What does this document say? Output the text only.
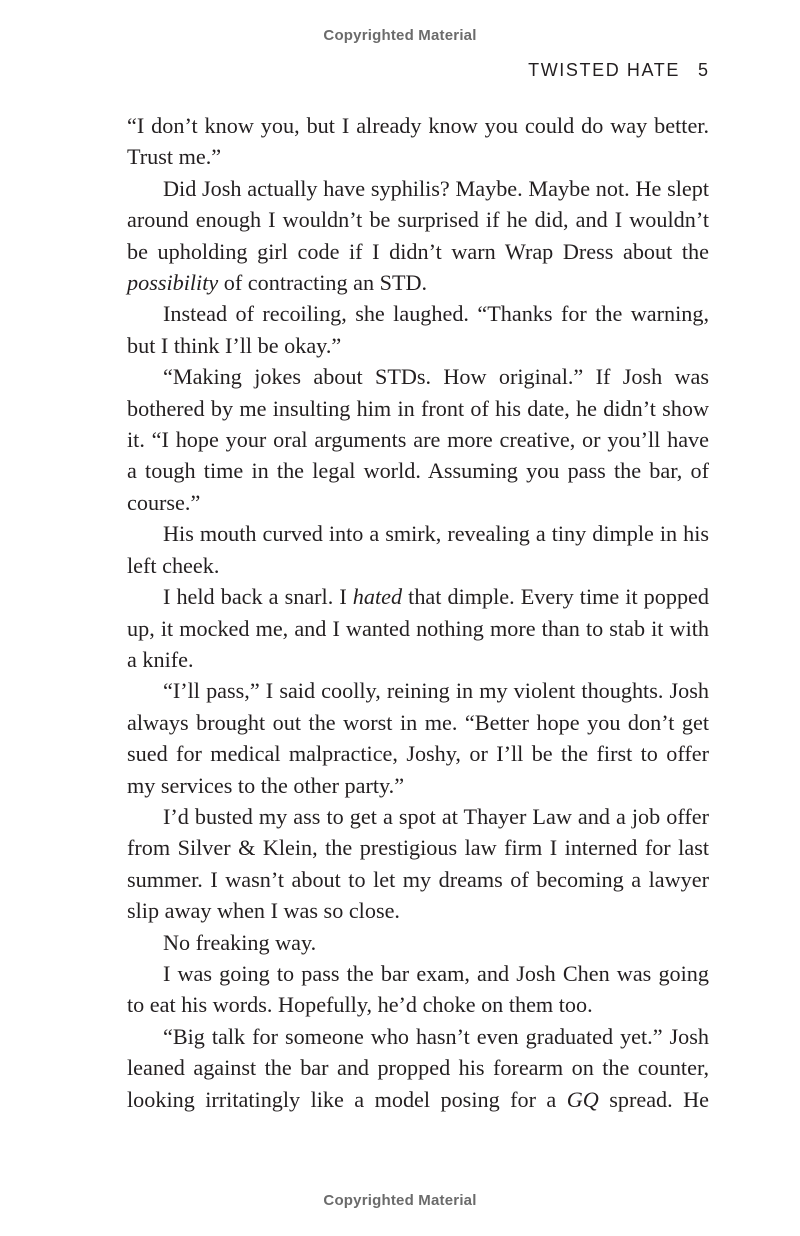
Copyrighted Material
TWISTED HATE 5

“I don’t know you, but I already know you could do way better. Trust me.”

Did Josh actually have syphilis? Maybe. Maybe not. He slept around enough I wouldn’t be surprised if he did, and I wouldn’t be upholding girl code if I didn’t warn Wrap Dress about the possibility of contracting an STD.

Instead of recoiling, she laughed. “Thanks for the warning, but I think I’ll be okay.”

“Making jokes about STDs. How original.” If Josh was bothered by me insulting him in front of his date, he didn’t show it. “I hope your oral arguments are more creative, or you’ll have a tough time in the legal world. Assuming you pass the bar, of course.”

His mouth curved into a smirk, revealing a tiny dimple in his left cheek.

I held back a snarl. I hated that dimple. Every time it popped up, it mocked me, and I wanted nothing more than to stab it with a knife.

“I’ll pass,” I said coolly, reining in my violent thoughts. Josh always brought out the worst in me. “Better hope you don’t get sued for medical malpractice, Joshy, or I’ll be the first to offer my services to the other party.”

I’d busted my ass to get a spot at Thayer Law and a job offer from Silver & Klein, the prestigious law firm I interned for last summer. I wasn’t about to let my dreams of becoming a lawyer slip away when I was so close.

No freaking way.

I was going to pass the bar exam, and Josh Chen was going to eat his words. Hopefully, he’d choke on them too.

“Big talk for someone who hasn’t even graduated yet.” Josh leaned against the bar and propped his forearm on the counter, looking irritatingly like a model posing for a GQ spread. He

Copyrighted Material
